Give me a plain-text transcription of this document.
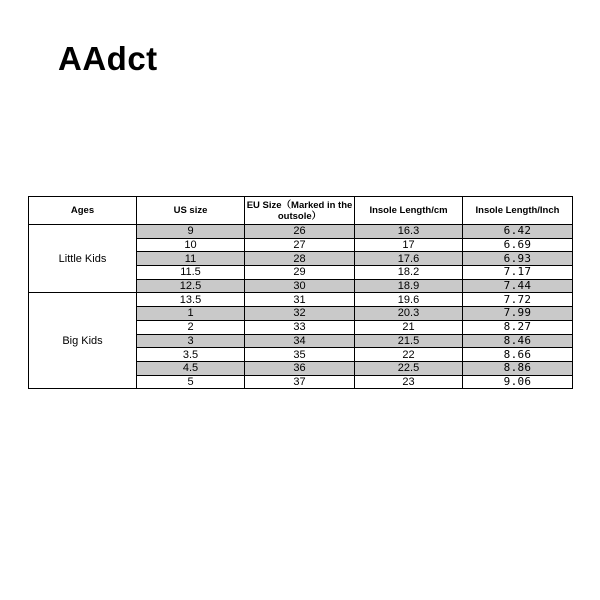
AAdct
Ages	US size	EU Size（Marked in the outsole）	Insole Length/cm	Insole Length/Inch
Little Kids	9	26	16.3	6.42
	10	27	17	6.69
	11	28	17.6	6.93
	11.5	29	18.2	7.17
	12.5	30	18.9	7.44
Big Kids	13.5	31	19.6	7.72
	1	32	20.3	7.99
	2	33	21	8.27
	3	34	21.5	8.46
	3.5	35	22	8.66
	4.5	36	22.5	8.86
	5	37	23	9.06
